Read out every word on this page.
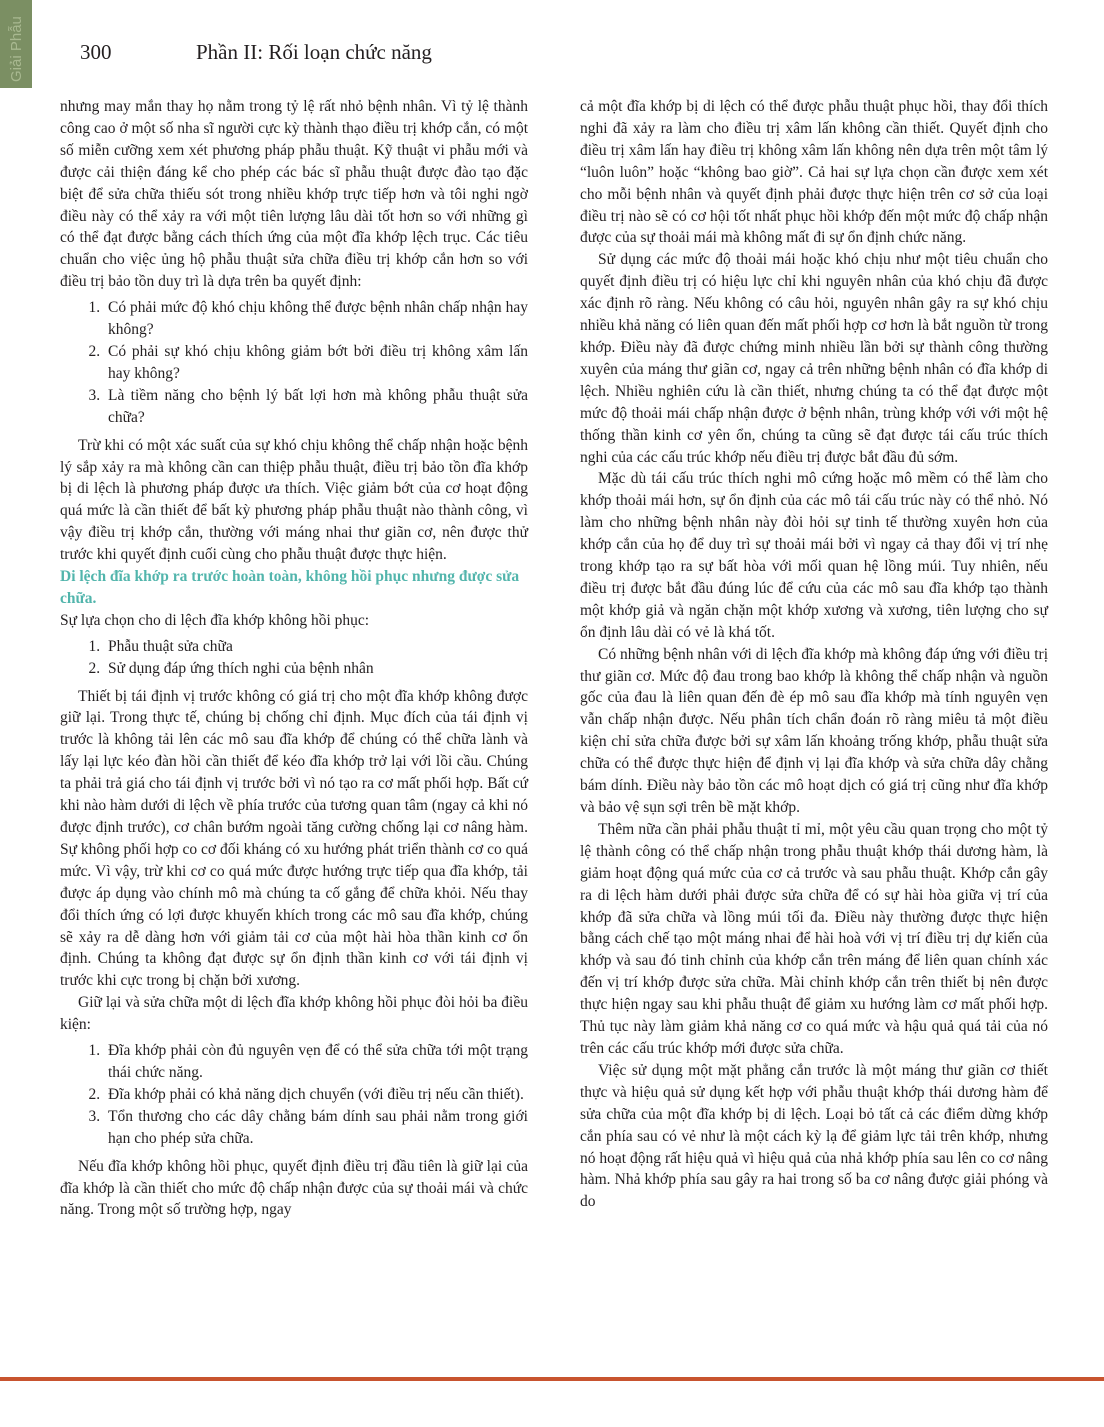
Giải Phẫu	300	Phần II: Rối loạn chức năng

nhưng may mắn thay họ nằm trong tỷ lệ rất nhỏ bệnh nhân. Vì tỷ lệ thành công cao ở một số nha sĩ người cực kỳ thành thạo điều trị khớp cắn, có một số miễn cưỡng xem xét phương pháp phẫu thuật. Kỹ thuật vi phẫu mới và được cải thiện đáng kể cho phép các bác sĩ phẫu thuật được đào tạo đặc biệt để sửa chữa thiếu sót trong nhiều khớp trực tiếp hơn và tôi nghi ngờ điều này có thể xảy ra với một tiên lượng lâu dài tốt hơn so với những gì có thể đạt được bằng cách thích ứng của một đĩa khớp lệch trục. Các tiêu chuẩn cho việc ủng hộ phẫu thuật sửa chữa điều trị khớp cắn hơn so với điều trị bảo tồn duy trì là dựa trên ba quyết định:

1. Có phải mức độ khó chịu không thể được bệnh nhân chấp nhận hay không?
2. Có phải sự khó chịu không giảm bớt bởi điều trị không xâm lấn hay không?
3. Là tiềm năng cho bệnh lý bất lợi hơn mà không phẫu thuật sửa chữa?

Trừ khi có một xác suất của sự khó chịu không thể chấp nhận hoặc bệnh lý sắp xảy ra mà không cần can thiệp phẫu thuật, điều trị bảo tồn đĩa khớp bị di lệch là phương pháp được ưa thích. Việc giảm bớt của cơ hoạt động quá mức là cần thiết để bất kỳ phương pháp phẫu thuật nào thành công, vì vậy điều trị khớp cắn, thường với máng nhai thư giãn cơ, nên được thử trước khi quyết định cuối cùng cho phẫu thuật được thực hiện.

Di lệch đĩa khớp ra trước hoàn toàn, không hồi phục nhưng được sửa chữa.

Sự lựa chọn cho di lệch đĩa khớp không hồi phục:

1. Phẫu thuật sửa chữa
2. Sử dụng đáp ứng thích nghi của bệnh nhân

Thiết bị tái định vị trước không có giá trị cho một đĩa khớp không được giữ lại. Trong thực tế, chúng bị chống chỉ định. Mục đích của tái định vị trước là không tải lên các mô sau đĩa khớp để chúng có thể chữa lành và lấy lại lực kéo đàn hồi cần thiết để kéo đĩa khớp trở lại với lồi cầu. Chúng ta phải trả giá cho tái định vị trước bởi vì nó tạo ra cơ mất phối hợp. Bất cứ khi nào hàm dưới di lệch về phía trước của tương quan tâm (ngay cả khi nó được định trước), cơ chân bướm ngoài tăng cường chống lại cơ nâng hàm. Sự không phối hợp co cơ đối kháng có xu hướng phát triển thành cơ co quá mức. Vì vậy, trừ khi cơ co quá mức được hướng trực tiếp qua đĩa khớp, tải được áp dụng vào chính mô mà chúng ta cố gắng để chữa khỏi. Nếu thay đổi thích ứng có lợi được khuyến khích trong các mô sau đĩa khớp, chúng sẽ xảy ra dễ dàng hơn với giảm tải cơ của một hài hòa thần kinh cơ ổn định. Chúng ta không đạt được sự ổn định thần kinh cơ với tái định vị trước khi cực trong bị chặn bởi xương.

Giữ lại và sửa chữa một di lệch đĩa khớp không hồi phục đòi hỏi ba điều kiện:

1. Đĩa khớp phải còn đủ nguyên vẹn để có thể sửa chữa tới một trạng thái chức năng.
2. Đĩa khớp phải có khả năng dịch chuyển (với điều trị nếu cần thiết).
3. Tổn thương cho các dây chằng bám dính sau phải nằm trong giới hạn cho phép sửa chữa.

Nếu đĩa khớp không hồi phục, quyết định điều trị đầu tiên là giữ lại của đĩa khớp là cần thiết cho mức độ chấp nhận được của sự thoải mái và chức năng. Trong một số trường hợp, ngay

cả một đĩa khớp bị di lệch có thể được phẫu thuật phục hồi, thay đổi thích nghi đã xảy ra làm cho điều trị xâm lấn không cần thiết. Quyết định cho điều trị xâm lấn hay điều trị không xâm lấn không nên dựa trên một tâm lý “luôn luôn” hoặc “không bao giờ”. Cả hai sự lựa chọn cần được xem xét cho mỗi bệnh nhân và quyết định phải được thực hiện trên cơ sở của loại điều trị nào sẽ có cơ hội tốt nhất phục hồi khớp đến một mức độ chấp nhận được của sự thoải mái mà không mất đi sự ổn định chức năng.

Sử dụng các mức độ thoải mái hoặc khó chịu như một tiêu chuẩn cho quyết định điều trị có hiệu lực chỉ khi nguyên nhân của khó chịu đã được xác định rõ ràng. Nếu không có câu hỏi, nguyên nhân gây ra sự khó chịu nhiều khả năng có liên quan đến mất phối hợp cơ hơn là bắt nguồn từ trong khớp. Điều này đã được chứng minh nhiều lần bởi sự thành công thường xuyên của máng thư giãn cơ, ngay cả trên những bệnh nhân có đĩa khớp di lệch. Nhiều nghiên cứu là cần thiết, nhưng chúng ta có thể đạt được một mức độ thoải mái chấp nhận được ở bệnh nhân, trùng khớp với với một hệ thống thần kinh cơ yên ổn, chúng ta cũng sẽ đạt được tái cấu trúc thích nghi của các cấu trúc khớp nếu điều trị được bắt đầu đủ sớm.

Mặc dù tái cấu trúc thích nghi mô cứng hoặc mô mềm có thể làm cho khớp thoải mái hơn, sự ổn định của các mô tái cấu trúc này có thể nhỏ. Nó làm cho những bệnh nhân này đòi hỏi sự tinh tế thường xuyên hơn của khớp cắn của họ để duy trì sự thoải mái bởi vì ngay cả thay đổi vị trí nhẹ trong khớp tạo ra sự bất hòa với mối quan hệ lồng múi. Tuy nhiên, nếu điều trị được bắt đầu đúng lúc để cứu của các mô sau đĩa khớp tạo thành một khớp giả và ngăn chặn một khớp xương và xương, tiên lượng cho sự ổn định lâu dài có vẻ là khá tốt.

Có những bệnh nhân với di lệch đĩa khớp mà không đáp ứng với điều trị thư giãn cơ. Mức độ đau trong bao khớp là không thể chấp nhận và nguồn gốc của đau là liên quan đến đè ép mô sau đĩa khớp mà tính nguyên vẹn vẫn chấp nhận được. Nếu phân tích chẩn đoán rõ ràng miêu tả một điều kiện chỉ sửa chữa được bởi sự xâm lấn khoảng trống khớp, phẫu thuật sửa chữa có thể được thực hiện để định vị lại đĩa khớp và sửa chữa dây chằng bám dính. Điều này bảo tồn các mô hoạt dịch có giá trị cũng như đĩa khớp và bảo vệ sụn sợi trên bề mặt khớp.

Thêm nữa cần phải phẫu thuật tỉ mỉ, một yêu cầu quan trọng cho một tỷ lệ thành công có thể chấp nhận trong phẫu thuật khớp thái dương hàm, là giảm hoạt động quá mức của cơ cả trước và sau phẫu thuật. Khớp cắn gây ra di lệch hàm dưới phải được sửa chữa để có sự hài hòa giữa vị trí của khớp đã sửa chữa và lồng múi tối đa. Điều này thường được thực hiện bằng cách chế tạo một máng nhai để hài hoà với vị trí điều trị dự kiến của khớp và sau đó tinh chỉnh của khớp cắn trên máng để liên quan chính xác đến vị trí khớp được sửa chữa. Mài chỉnh khớp cắn trên thiết bị nên được thực hiện ngay sau khi phẫu thuật để giảm xu hướng làm cơ mất phối hợp. Thủ tục này làm giảm khả năng cơ co quá mức và hậu quả quá tải của nó trên các cấu trúc khớp mới được sửa chữa.

Việc sử dụng một mặt phẳng cắn trước là một máng thư giãn cơ thiết thực và hiệu quả sử dụng kết hợp với phẫu thuật khớp thái dương hàm để sửa chữa của một đĩa khớp bị di lệch. Loại bỏ tất cả các điểm dừng khớp cắn phía sau có vẻ như là một cách kỳ lạ để giảm lực tải trên khớp, nhưng nó hoạt động rất hiệu quả vì hiệu quả của nhả khớp phía sau lên co cơ nâng hàm. Nhả khớp phía sau gây ra hai trong số ba cơ nâng được giải phóng và do
